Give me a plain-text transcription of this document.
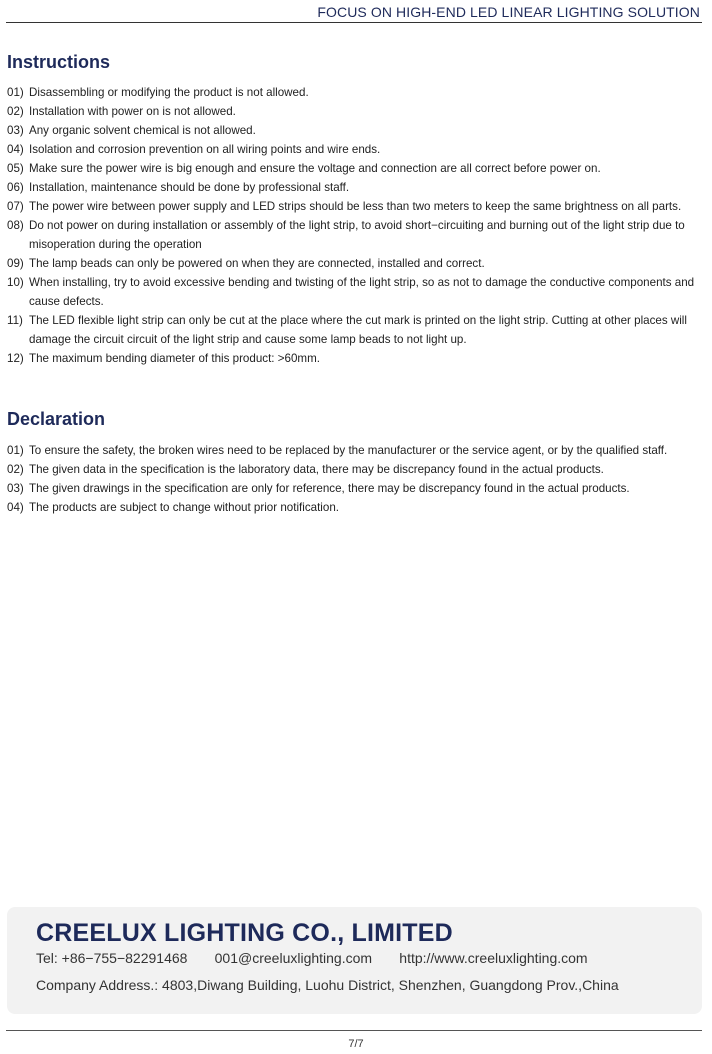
FOCUS ON HIGH-END LED LINEAR LIGHTING SOLUTION
Instructions
01) Disassembling or modifying the product is not allowed.
02) Installation with power on is not allowed.
03) Any organic solvent chemical is not allowed.
04) Isolation and corrosion prevention on all wiring points and wire ends.
05) Make sure the power wire is big enough and ensure the voltage and connection are all correct before power on.
06) Installation, maintenance should be done by professional staff.
07) The power wire between power supply and LED strips should be less than two meters to keep the same brightness on all parts.
08) Do not power on during installation or assembly of the light strip, to avoid short−circuiting and burning out of the light strip due to misoperation during the operation
09) The lamp beads can only be powered on when they are connected, installed and correct.
10) When installing, try to avoid excessive bending and twisting of the light strip, so as not to damage the conductive components and cause defects.
11) The LED flexible light strip can only be cut at the place where the cut mark is printed on the light strip. Cutting at other places will damage the circuit circuit of the light strip and cause some lamp beads to not light up.
12) The maximum bending diameter of this product: >60mm.
Declaration
01) To ensure the safety, the broken wires need to be replaced by the manufacturer or the service agent, or by the qualified staff.
02) The given data in the specification is the laboratory data, there may be discrepancy found in the actual products.
03) The given drawings in the specification are only for reference, there may be discrepancy found in the actual products.
04) The products are subject to change without prior notification.
CREELUX LIGHTING CO., LIMITED
Tel: +86−755−82291468       001@creeluxlighting.com       http://www.creeluxlighting.com
Company Address.: 4803,Diwang Building, Luohu District, Shenzhen, Guangdong Prov.,China
7/7
